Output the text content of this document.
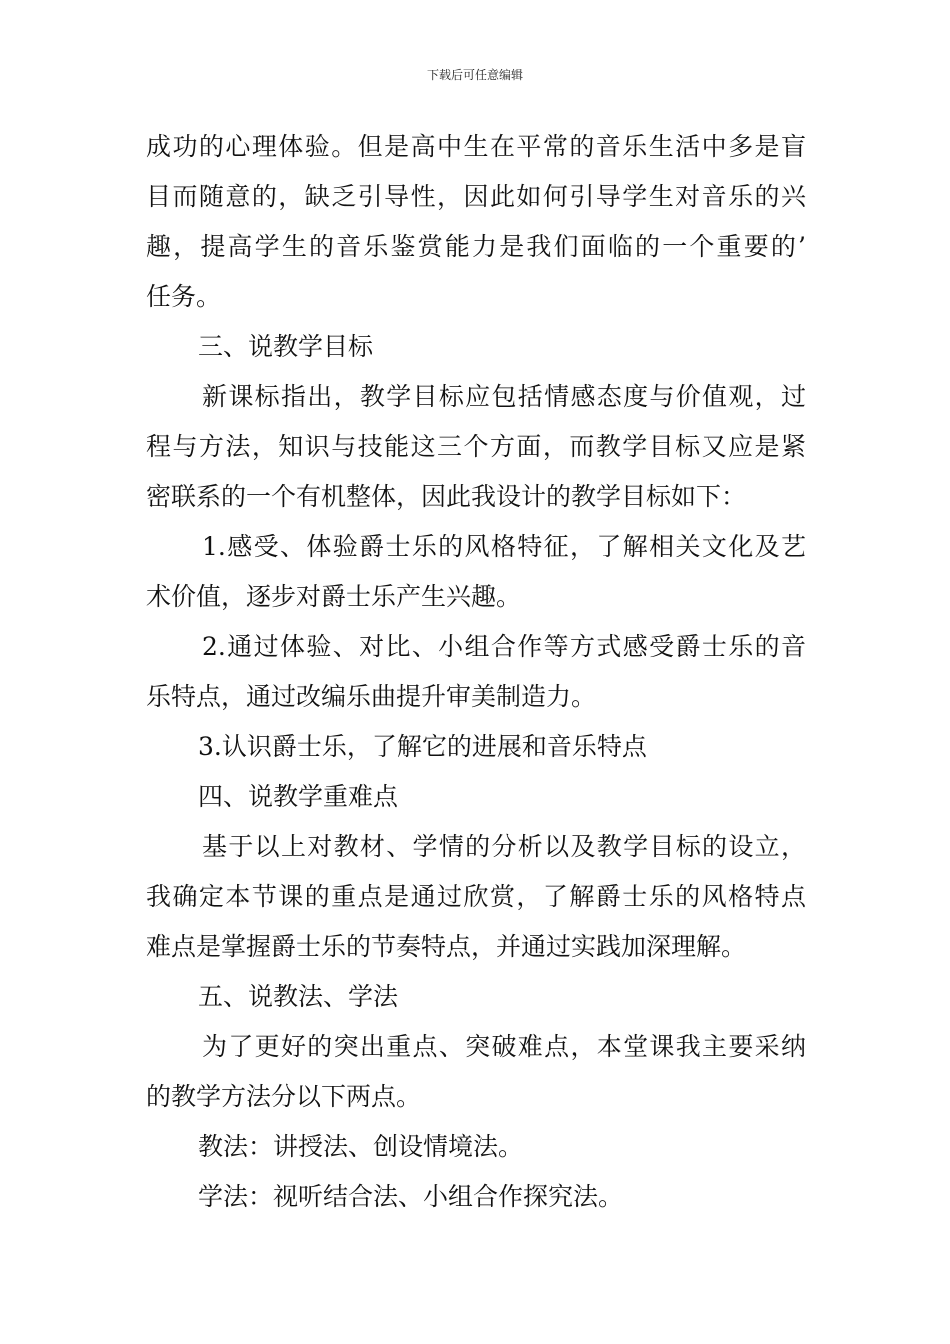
下载后可任意编辑
成功的心理体验。但是高中生在平常的音乐生活中多是盲
目而随意的，缺乏引导性，因此如何引导学生对音乐的兴
趣，提高学生的音乐鉴赏能力是我们面临的一个重要的’
任务。
三、说教学目标
新课标指出，教学目标应包括情感态度与价值观，过
程与方法，知识与技能这三个方面，而教学目标又应是紧
密联系的一个有机整体，因此我设计的教学目标如下：
1.感受、体验爵士乐的风格特征，了解相关文化及艺
术价值，逐步对爵士乐产生兴趣。
2.通过体验、对比、小组合作等方式感受爵士乐的音
乐特点，通过改编乐曲提升审美制造力。
3.认识爵士乐，了解它的进展和音乐特点
四、说教学重难点
基于以上对教材、学情的分析以及教学目标的设立，
我确定本节课的重点是通过欣赏，了解爵士乐的风格特点
难点是掌握爵士乐的节奏特点，并通过实践加深理解。
五、说教法、学法
为了更好的突出重点、突破难点，本堂课我主要采纳
的教学方法分以下两点。
教法：讲授法、创设情境法。
学法：视听结合法、小组合作探究法。
